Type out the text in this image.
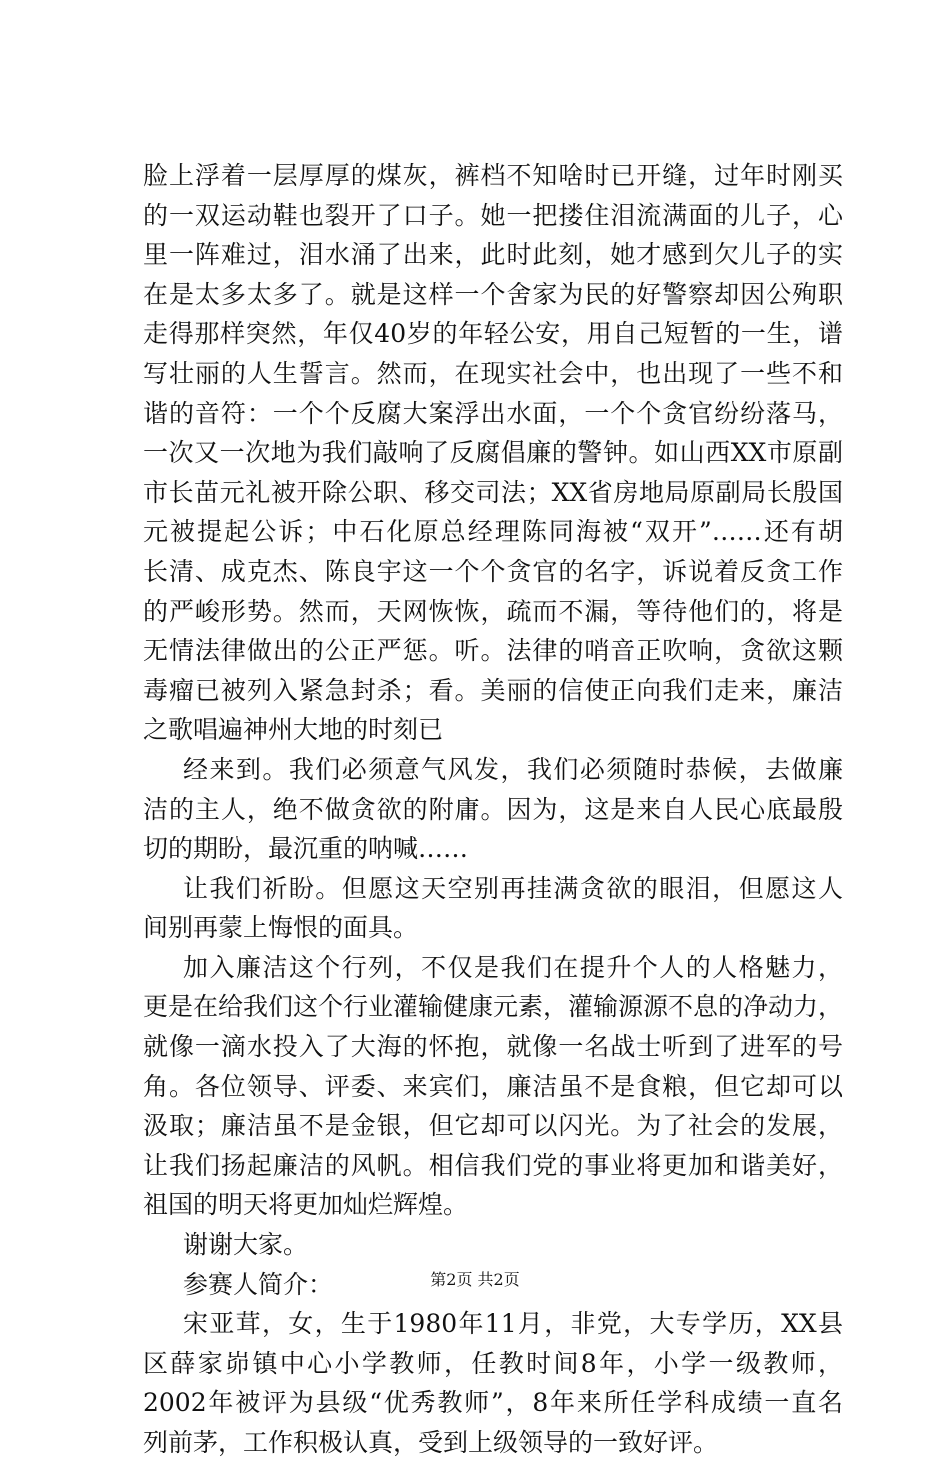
脸上浮着一层厚厚的煤灰，裤档不知啥时已开缝，过年时刚买
的一双运动鞋也裂开了口子。她一把搂住泪流满面的儿子，心
里一阵难过，泪水涌了出来，此时此刻，她才感到欠儿子的实
在是太多太多了。就是这样一个舍家为民的好警察却因公殉职
走得那样突然，年仅40岁的年轻公安，用自己短暂的一生，谱
写壮丽的人生誓言。然而，在现实社会中，也出现了一些不和
谐的音符：一个个反腐大案浮出水面，一个个贪官纷纷落马，
一次又一次地为我们敲响了反腐倡廉的警钟。如山西XX市原副
市长苗元礼被开除公职、移交司法；XX省房地局原副局长殷国
元被提起公诉；中石化原总经理陈同海被“双开”……还有胡
长清、成克杰、陈良宇这一个个贪官的名字，诉说着反贪工作
的严峻形势。然而，天网恢恢，疏而不漏，等待他们的，将是
无情法律做出的公正严惩。听。法律的哨音正吹响，贪欲这颗
毒瘤已被列入紧急封杀；看。美丽的信使正向我们走来，廉洁
之歌唱遍神州大地的时刻已
经来到。我们必须意气风发，我们必须随时恭候，去做廉
洁的主人，绝不做贪欲的附庸。因为，这是来自人民心底最殷
切的期盼，最沉重的呐喊……
让我们祈盼。但愿这天空别再挂满贪欲的眼泪，但愿这人
间别再蒙上悔恨的面具。
加入廉洁这个行列，不仅是我们在提升个人的人格魅力，
更是在给我们这个行业灌输健康元素，灌输源源不息的净动力，
就像一滴水投入了大海的怀抱，就像一名战士听到了进军的号
角。各位领导、评委、来宾们，廉洁虽不是食粮，但它却可以
汲取；廉洁虽不是金银，但它却可以闪光。为了社会的发展，
让我们扬起廉洁的风帆。相信我们党的事业将更加和谐美好，
祖国的明天将更加灿烂辉煌。
谢谢大家。
参赛人简介：
宋亚茸，女，生于1980年11月，非党，大专学历，XX县
区薛家峁镇中心小学教师，任教时间8年，小学一级教师，
2002年被评为县级“优秀教师”，8年来所任学科成绩一直名
列前茅，工作积极认真，受到上级领导的一致好评。
第2页 共2页
